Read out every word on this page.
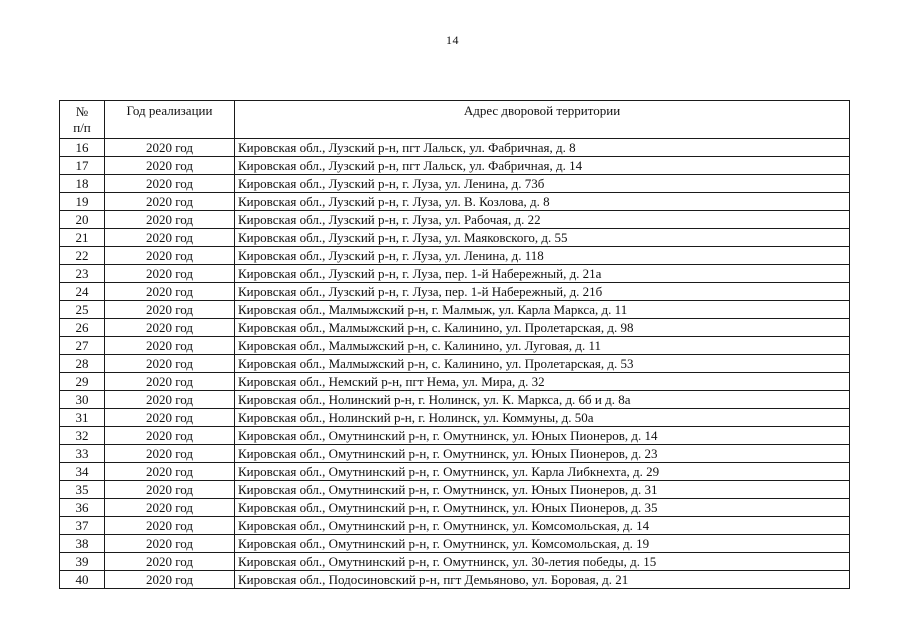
14
№
п/п	Год реализации	Адрес дворовой территории
16	2020 год	Кировская обл., Лузский р-н, пгт Лальск, ул. Фабричная, д. 8
17	2020 год	Кировская обл., Лузский р-н, пгт Лальск, ул. Фабричная, д. 14
18	2020 год	Кировская обл., Лузский р-н, г. Луза, ул. Ленина, д. 73б
19	2020 год	Кировская обл., Лузский р-н, г. Луза, ул. В. Козлова, д. 8
20	2020 год	Кировская обл., Лузский р-н, г. Луза, ул. Рабочая, д. 22
21	2020 год	Кировская обл., Лузский р-н, г. Луза, ул. Маяковского, д. 55
22	2020 год	Кировская обл., Лузский р-н, г. Луза, ул. Ленина, д. 118
23	2020 год	Кировская обл., Лузский р-н, г. Луза, пер. 1-й Набережный, д. 21а
24	2020 год	Кировская обл., Лузский р-н, г. Луза, пер. 1-й Набережный, д. 21б
25	2020 год	Кировская обл., Малмыжский р-н, г. Малмыж, ул. Карла Маркса, д. 11
26	2020 год	Кировская обл., Малмыжский р-н, с. Калинино, ул. Пролетарская, д. 98
27	2020 год	Кировская обл., Малмыжский р-н, с. Калинино, ул. Луговая, д. 11
28	2020 год	Кировская обл., Малмыжский р-н, с. Калинино, ул. Пролетарская, д. 53
29	2020 год	Кировская обл., Немский р-н, пгт Нема, ул. Мира, д. 32
30	2020 год	Кировская обл., Нолинский р-н, г. Нолинск, ул. К. Маркса, д. 6б и д. 8а
31	2020 год	Кировская обл., Нолинский р-н, г. Нолинск, ул. Коммуны, д. 50а
32	2020 год	Кировская обл., Омутнинский р-н, г. Омутнинск, ул. Юных Пионеров, д. 14
33	2020 год	Кировская обл., Омутнинский р-н, г. Омутнинск, ул. Юных Пионеров, д. 23
34	2020 год	Кировская обл., Омутнинский р-н, г. Омутнинск, ул. Карла Либкнехта, д. 29
35	2020 год	Кировская обл., Омутнинский р-н, г. Омутнинск, ул. Юных Пионеров, д. 31
36	2020 год	Кировская обл., Омутнинский р-н, г. Омутнинск, ул. Юных Пионеров, д. 35
37	2020 год	Кировская обл., Омутнинский р-н, г. Омутнинск, ул. Комсомольская, д. 14
38	2020 год	Кировская обл., Омутнинский р-н, г. Омутнинск, ул. Комсомольская, д. 19
39	2020 год	Кировская обл., Омутнинский р-н, г. Омутнинск, ул. 30-летия победы, д. 15
40	2020 год	Кировская обл., Подосиновский р-н, пгт Демьяново, ул. Боровая, д. 21
